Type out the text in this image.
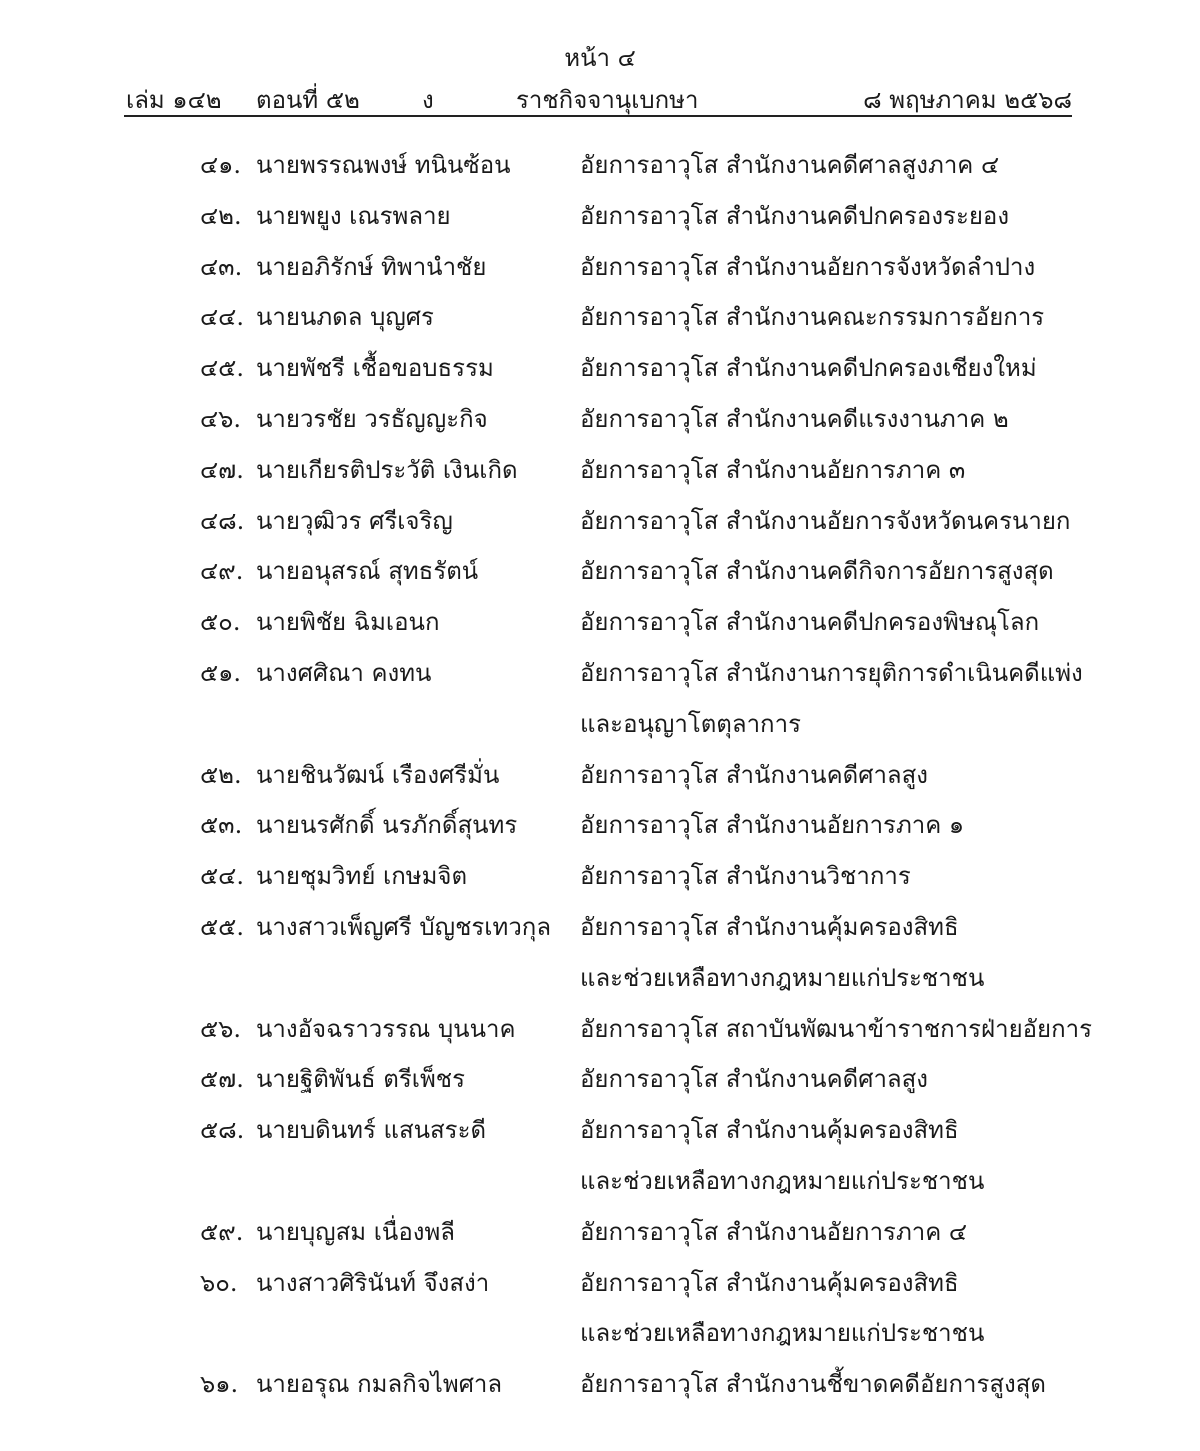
หน้า ๔
เล่ม ๑๔๒ ตอนที่ ๕๒	ง	ราชกิจจานุเบกษา	๘ พฤษภาคม ๒๕๖๘
๔๑. นายพรรณพงษ์ ทนินซ้อน	อัยการอาวุโส สำนักงานคดีศาลสูงภาค ๔
๔๒. นายพยูง เณรพลาย	อัยการอาวุโส สำนักงานคดีปกครองระยอง
๔๓. นายอภิรักษ์ ทิพานำชัย	อัยการอาวุโส สำนักงานอัยการจังหวัดลำปาง
๔๔. นายนภดล บุญศร	อัยการอาวุโส สำนักงานคณะกรรมการอัยการ
๔๕. นายพัชรี เชื้อขอบธรรม	อัยการอาวุโส สำนักงานคดีปกครองเชียงใหม่
๔๖. นายวรชัย วรธัญญะกิจ	อัยการอาวุโส สำนักงานคดีแรงงานภาค ๒
๔๗. นายเกียรติประวัติ เงินเกิด	อัยการอาวุโส สำนักงานอัยการภาค ๓
๔๘. นายวุฒิวร ศรีเจริญ	อัยการอาวุโส สำนักงานอัยการจังหวัดนครนายก
๔๙. นายอนุสรณ์ สุทธรัตน์	อัยการอาวุโส สำนักงานคดีกิจการอัยการสูงสุด
๕๐. นายพิชัย ฉิมเอนก	อัยการอาวุโส สำนักงานคดีปกครองพิษณุโลก
๕๑. นางศศิณา คงทน	อัยการอาวุโส สำนักงานการยุติการดำเนินคดีแพ่ง
และอนุญาโตตุลาการ
๕๒. นายชินวัฒน์ เรืองศรีมั่น	อัยการอาวุโส สำนักงานคดีศาลสูง
๕๓. นายนรศักดิ์ นรภักดิ์สุนทร	อัยการอาวุโส สำนักงานอัยการภาค ๑
๕๔. นายชุมวิทย์ เกษมจิต	อัยการอาวุโส สำนักงานวิชาการ
๕๕. นางสาวเพ็ญศรี บัญชรเทวกุล อัยการอาวุโส สำนักงานคุ้มครองสิทธิ
และช่วยเหลือทางกฎหมายแก่ประชาชน
๕๖. นางอัจฉราวรรณ บุนนาค	อัยการอาวุโส สถาบันพัฒนาข้าราชการฝ่ายอัยการ
๕๗. นายฐิติพันธ์ ตรีเพ็ชร	อัยการอาวุโส สำนักงานคดีศาลสูง
๕๘. นายบดินทร์ แสนสระดี	อัยการอาวุโส สำนักงานคุ้มครองสิทธิ
และช่วยเหลือทางกฎหมายแก่ประชาชน
๕๙. นายบุญสม เนื่องพลี	อัยการอาวุโส สำนักงานอัยการภาค ๔
๖๐. นางสาวศิรินันท์ จึงสง่า	อัยการอาวุโส สำนักงานคุ้มครองสิทธิ
และช่วยเหลือทางกฎหมายแก่ประชาชน
๖๑. นายอรุณ กมลกิจไพศาล	อัยการอาวุโส สำนักงานชี้ขาดคดีอัยการสูงสุด
